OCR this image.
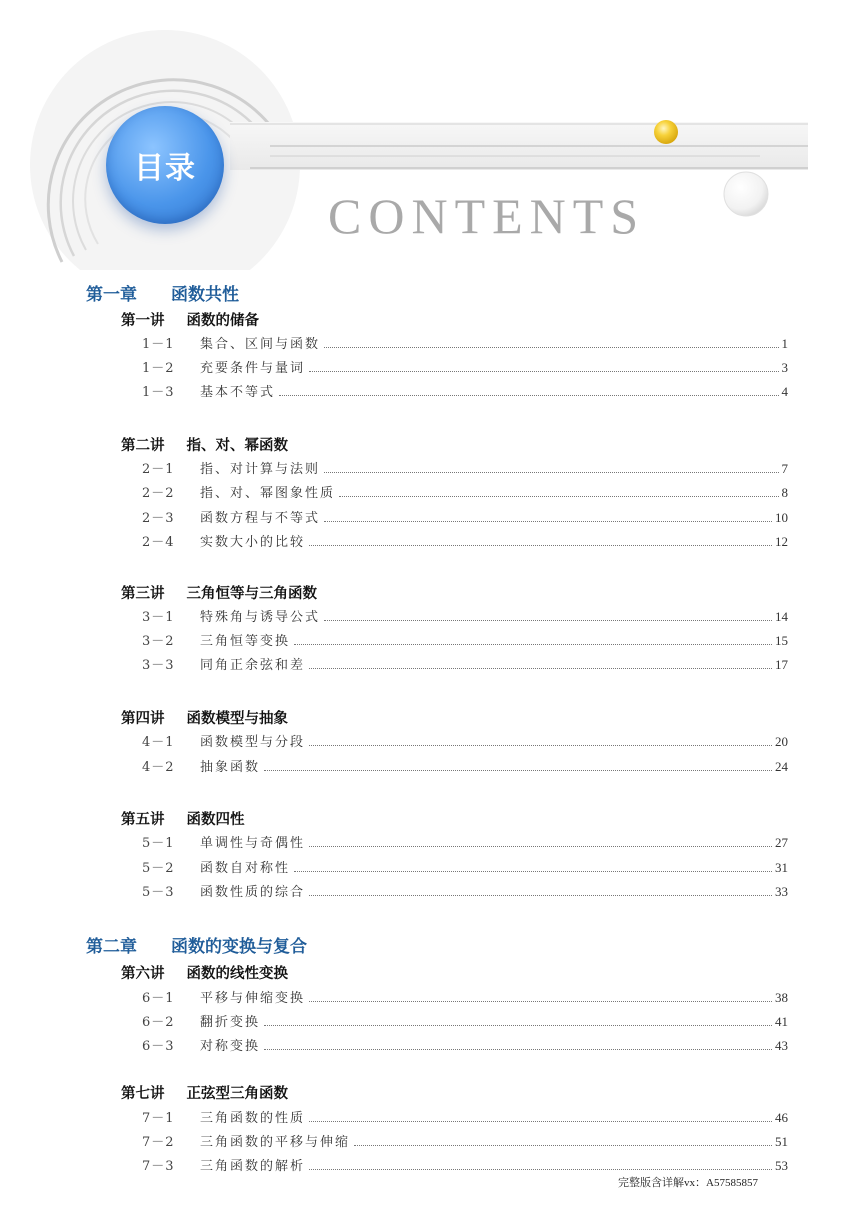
目录
CONTENTS
第一章 函数共性
第一讲 函数的储备
1－1	集合、区间与函数	1
1－2	充要条件与量词	3
1－3	基本不等式	4
第二讲 指、对、幂函数
2－1	指、对计算与法则	7
2－2	指、对、幂图象性质	8
2－3	函数方程与不等式	10
2－4	实数大小的比较	12
第三讲 三角恒等与三角函数
3－1	特殊角与诱导公式	14
3－2	三角恒等变换	15
3－3	同角正余弦和差	17
第四讲 函数模型与抽象
4－1	函数模型与分段	20
4－2	抽象函数	24
第五讲 函数四性
5－1	单调性与奇偶性	27
5－2	函数自对称性	31
5－3	函数性质的综合	33
第二章 函数的变换与复合
第六讲 函数的线性变换
6－1	平移与伸缩变换	38
6－2	翻折变换	41
6－3	对称变换	43
第七讲 正弦型三角函数
7－1	三角函数的性质	46
7－2	三角函数的平移与伸缩	51
7－3	三角函数的解析	53
完整版含详解vx：A57585857
